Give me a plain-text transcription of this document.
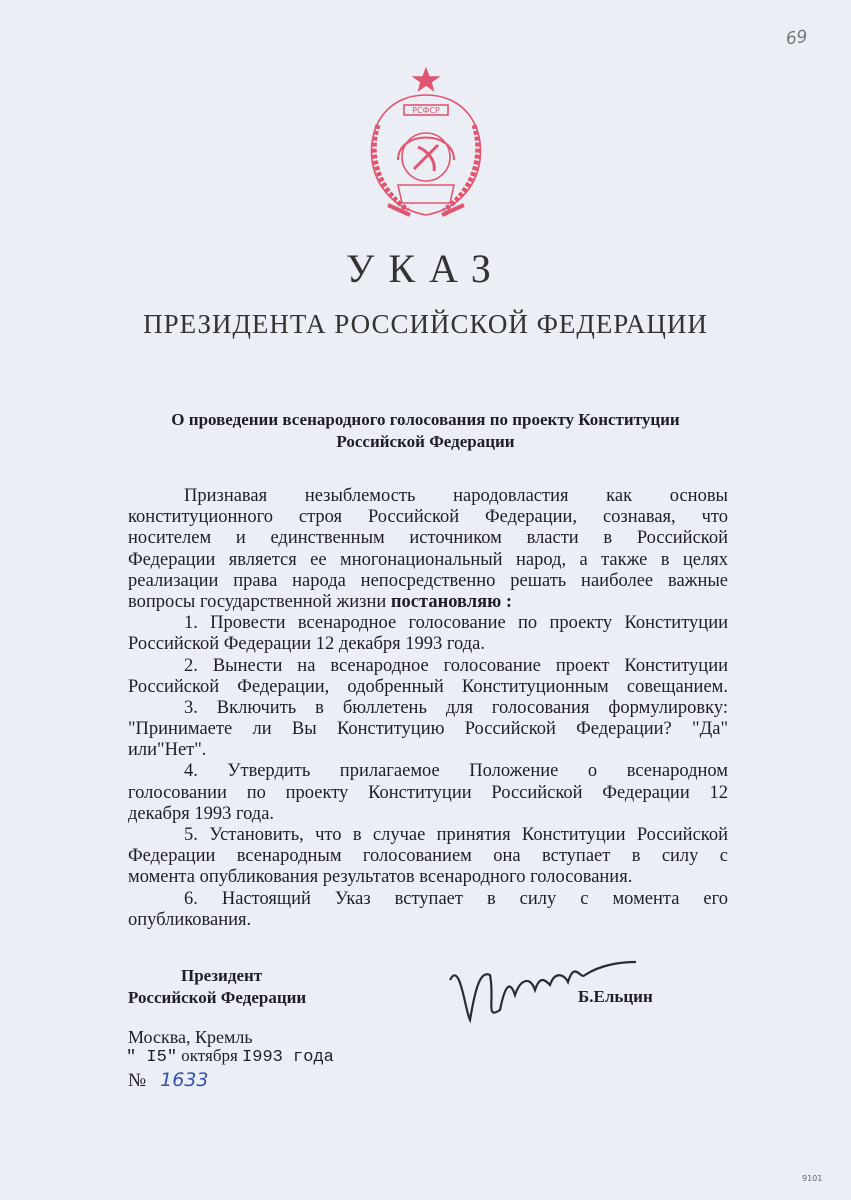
69
РСФСР
УКАЗ
ПРЕЗИДЕНТА РОССИЙСКОЙ ФЕДЕРАЦИИ
О проведении всенародного голосования по проекту Конституции
Российской Федерации
Признавая незыблемость народовластия как основы
конституционного строя Российской Федерации, сознавая, что
носителем и единственным источником власти в Российской
Федерации является ее многонациональный народ, а также в целях
реализации права народа непосредственно решать наиболее важные
вопросы государственной жизни постановляю :
1. Провести всенародное голосование по проекту Конституции
Российской Федерации 12 декабря 1993 года.
2. Вынести на всенародное голосование проект Конституции
Российской Федерации, одобренный Конституционным совещанием.
3. Включить в бюллетень для голосования формулировку:
"Принимаете ли Вы Конституцию Российской Федерации? "Да"
или"Нет".
4. Утвердить прилагаемое Положение о всенародном
голосовании по проекту Конституции Российской Федерации 12
декабря 1993 года.
5. Установить, что в случае принятия Конституции Российской
Федерации всенародным голосованием она вступает в силу с
момента опубликования результатов всенародного голосования.
6. Настоящий Указ вступает в силу с момента его
опубликования.
Президент
Российской Федерации	Б.Ельцин
Москва, Кремль
" I5" октября I993 года
№ 1633
9101
